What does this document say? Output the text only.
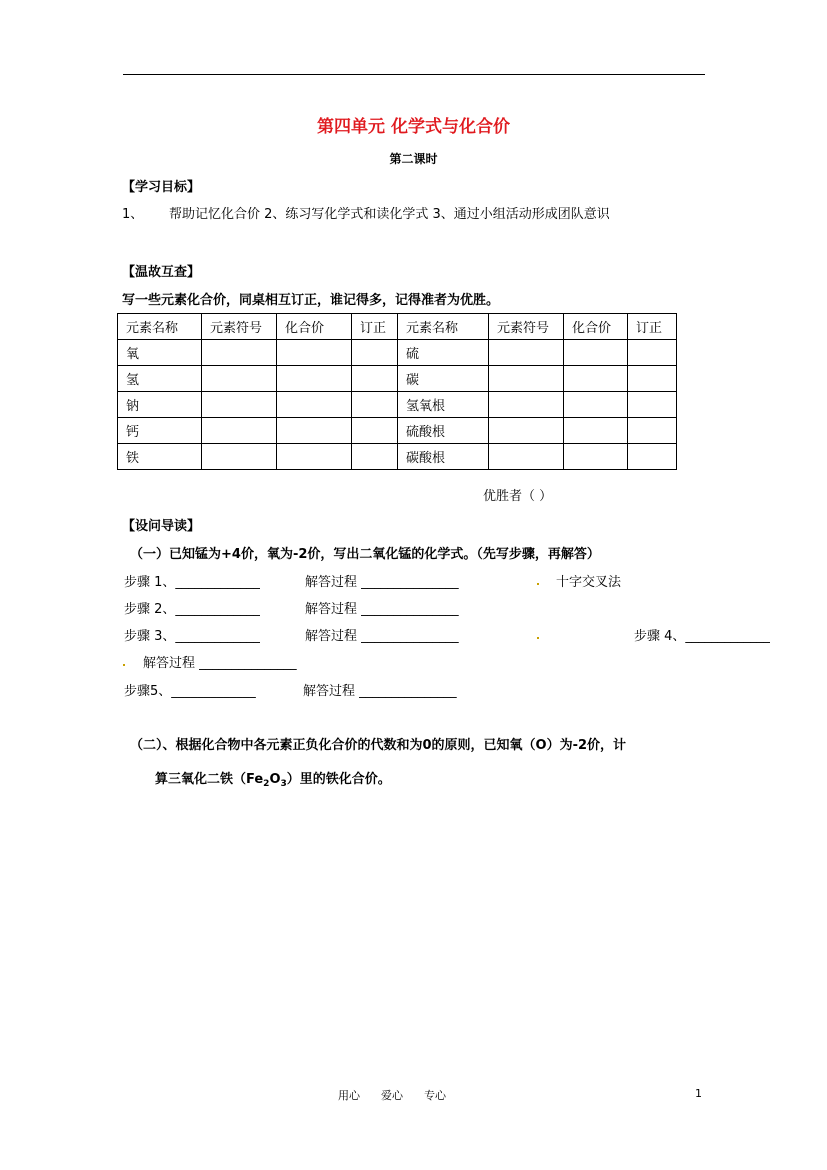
第四单元 化学式与化合价
第二课时
【学习目标】
1、 帮助记忆化合价 2、练习写化学式和读化学式 3、通过小组活动形成团队意识
【温故互查】
写一些元素化合价，同桌相互订正，谁记得多，记得准者为优胜。
元素名称	元素符号	化合价	订正	元素名称	元素符号	化合价	订正
氧				硫			
氢				碳			
钠				氢氧根			
钙				硫酸根			
铁				碳酸根			
优胜者（ ）
【设问导读】
（一）已知锰为+4价，氧为-2价，写出二氧化锰的化学式。（先写步骤，再解答）
步骤 1、_____________	解答过程 _______________	十字交叉法
步骤 2、_____________	解答过程 _______________
步骤 3、_____________	解答过程 _______________	步骤 4、_____________
解答过程 _______________
步骤5、_____________	解答过程 _______________
（二）、根据化合物中各元素正负化合价的代数和为0的原则，已知氧（O）为-2价，计
算三氧化二铁$(Fe_2O_3)$里的铁化合价。
用心      爱心      专心	1
